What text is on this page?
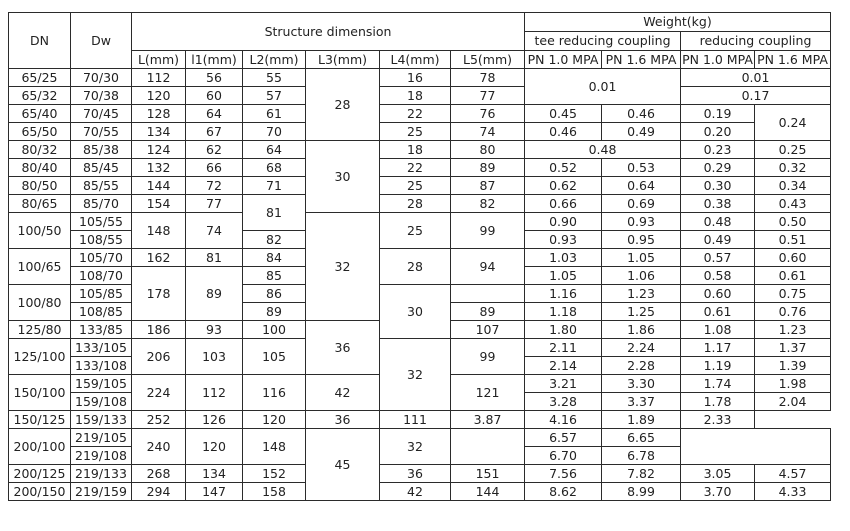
DN	Dw	Structure dimension						Weight(kg)			
								tee reducing coupling		reducing coupling	
		L(mm)	l1(mm)	L2(mm)	L3(mm)	L4(mm)	L5(mm)	PN 1.0 MPA	PN 1.6 MPA	PN 1.0 MPA	PN 1.6 MPA
65/25	70/30	112	56	55	28	16	78	0.01		0.01	
65/32	70/38	120	60	57		18	77			0.17	
65/40	70/45	128	64	61		22	76	0.45	0.46	0.19	0.24
65/50	70/55	134	67	70		25	74	0.46	0.49	0.20	
80/32	85/38	124	62	64	30	18	80	0.48		0.23	0.25
80/40	85/45	132	66	68		22	89	0.52	0.53	0.29	0.32
80/50	85/55	144	72	71		25	87	0.62	0.64	0.30	0.34
80/65	85/70	154	77	81		28	82	0.66	0.69	0.38	0.43
100/50	105/55	148	74		32	25	99	0.90	0.93	0.48	0.50
	108/55			82				0.93	0.95	0.49	0.51
100/65	105/70	162	81	84		28	94	1.03	1.05	0.57	0.60
	108/70	178	89	85				1.05	1.06	0.58	0.61
100/80	105/85			86		30		1.16	1.23	0.60	0.75
	108/85			89			89	1.18	1.25	0.61	0.76
125/80	133/85	186	93	100	36		107	1.80	1.86	1.08	1.23
125/100	133/105	206	103	105		32	99	2.11	2.24	1.17	1.37
	133/108							2.14	2.28	1.19	1.39
150/100	159/105	224	112	116	42		121	3.21	3.30	1.74	1.98
	159/108							3.28	3.37	1.78	2.04
150/125	159/133	252	126	120	36	111	3.87	4.16	1.89	2.33	
200/100	219/105	240	120	148	45	32		6.57	6.65		
	219/108							6.70	6.78		
200/125	219/133	268	134	152		36	151	7.56	7.82	3.05	4.57
200/150	219/159	294	147	158		42	144	8.62	8.99	3.70	4.33
